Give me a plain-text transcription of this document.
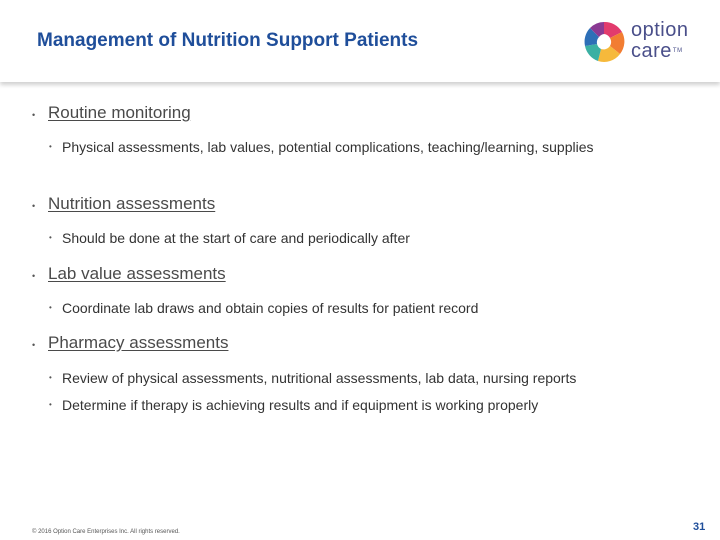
Management of Nutrition Support Patients	option
care™
• Routine monitoring
• Physical assessments, lab values, potential complications, teaching/learning, supplies
• Nutrition assessments
• Should be done at the start of care and periodically after
• Lab value assessments
• Coordinate lab draws and obtain copies of results for patient record
• Pharmacy assessments
• Review of physical assessments, nutritional assessments, lab data, nursing reports
• Determine if therapy is achieving results and if equipment is working properly
© 2016 Option Care Enterprises Inc. All rights reserved.	31
